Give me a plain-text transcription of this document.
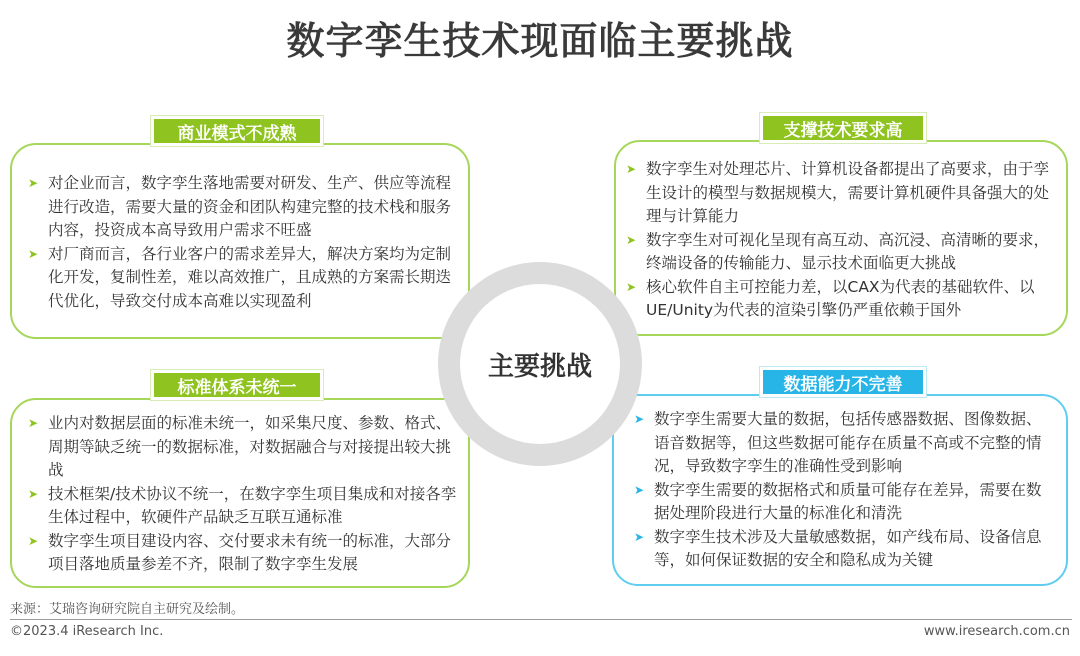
数字孪生技术现面临主要挑战
商业模式不成熟
➤ 对企业而言，数字孪生落地需要对研发、生产、供应等流程进行改造，需要大量的资金和团队构建完整的技术栈和服务内容，投资成本高导致用户需求不旺盛
➤ 对厂商而言，各行业客户的需求差异大，解决方案均为定制化开发，复制性差，难以高效推广，且成熟的方案需长期迭代优化，导致交付成本高难以实现盈利
支撑技术要求高
➤ 数字孪生对处理芯片、计算机设备都提出了高要求，由于孪生设计的模型与数据规模大，需要计算机硬件具备强大的处理与计算能力
➤ 数字孪生对可视化呈现有高互动、高沉浸、高清晰的要求，终端设备的传输能力、显示技术面临更大挑战
➤ 核心软件自主可控能力差，以CAX为代表的基础软件、以UE/Unity为代表的渲染引擎仍严重依赖于国外
标准体系未统一
➤ 业内对数据层面的标准未统一，如采集尺度、参数、格式、周期等缺乏统一的数据标准，对数据融合与对接提出较大挑战
➤ 技术框架/技术协议不统一，在数字孪生项目集成和对接各孪生体过程中，软硬件产品缺乏互联互通标准
➤ 数字孪生项目建设内容、交付要求未有统一的标准，大部分项目落地质量参差不齐，限制了数字孪生发展
数据能力不完善
➤ 数字孪生需要大量的数据，包括传感器数据、图像数据、语音数据等，但这些数据可能存在质量不高或不完整的情况，导致数字孪生的准确性受到影响
➤ 数字孪生需要的数据格式和质量可能存在差异，需要在数据处理阶段进行大量的标准化和清洗
➤ 数字孪生技术涉及大量敏感数据，如产线布局、设备信息等，如何保证数据的安全和隐私成为关键
主要挑战
来源：艾瑞咨询研究院自主研究及绘制。
©2023.4 iResearch Inc.	www.iresearch.com.cn
